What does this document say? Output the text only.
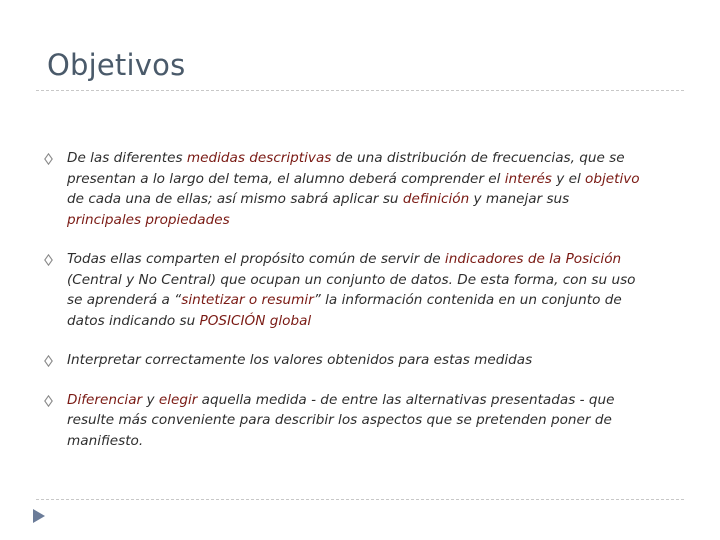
Objetivos
De las diferentes medidas descriptivas de una distribución de frecuencias, que se presentan a lo largo del tema, el alumno deberá comprender el interés y el objetivo de cada una de ellas; así mismo sabrá aplicar su definición y manejar sus principales propiedades
Todas ellas comparten el propósito común de servir de indicadores de la Posición (Central y No Central) que ocupan un conjunto de datos. De esta forma, con su uso se aprenderá a “sintetizar o resumir” la información contenida en un conjunto de datos indicando su POSICIÓN global
Interpretar correctamente los valores obtenidos para estas medidas
Diferenciar y elegir aquella medida - de entre las alternativas presentadas - que resulte más conveniente para describir los aspectos que se pretenden poner de manifiesto.
